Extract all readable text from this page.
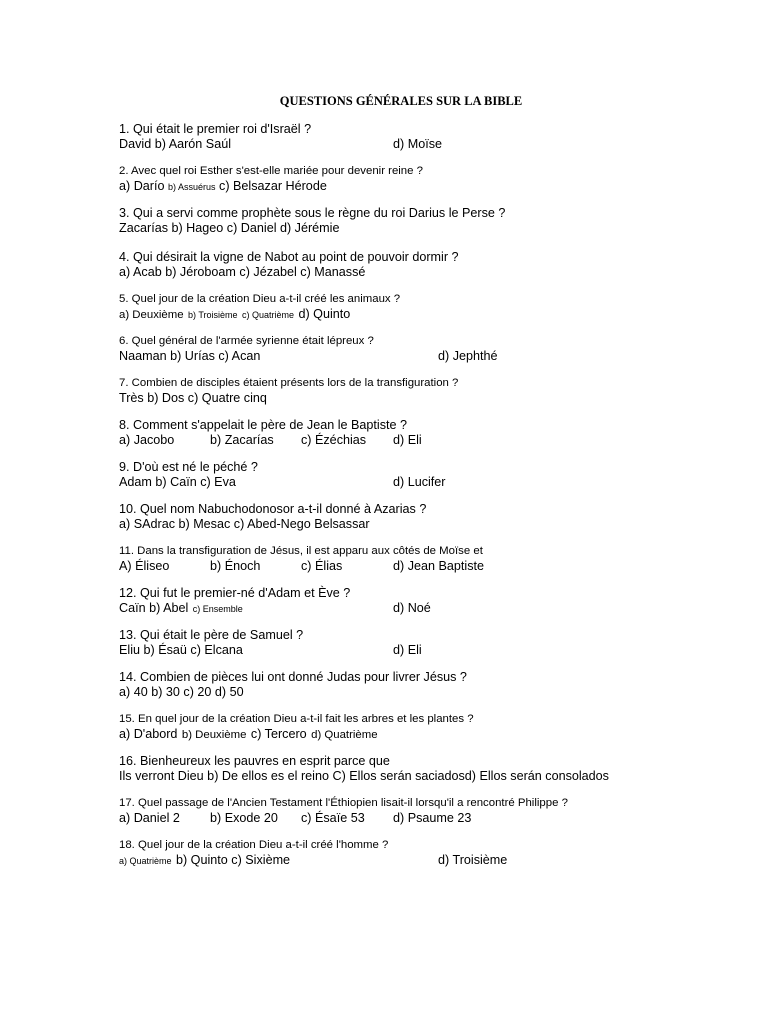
QUESTIONS GÉNÉRALES SUR LA BIBLE
1. Qui était le premier roi d'Israël ?
David b) Aarón Saúl	d) Moïse
2. Avec quel roi Esther s'est-elle mariée pour devenir reine ?
a) Darío b) Assuérus c) Belsazar Hérode
3. Qui a servi comme prophète sous le règne du roi Darius le Perse ?
Zacarías b) Hageo c) Daniel d) Jérémie
4. Qui désirait la vigne de Nabot au point de pouvoir dormir ?
a) Acab b) Jéroboam c) Jézabel c) Manassé
5. Quel jour de la création Dieu a-t-il créé les animaux ?
a) Deuxième b) Troisième c) Quatrième d) Quinto
6. Quel général de l'armée syrienne était lépreux ?
Naaman b) Urías c) Acan	d) Jephthé
7. Combien de disciples étaient présents lors de la transfiguration ?
Très b) Dos c) Quatre cinq
8. Comment s'appelait le père de Jean le Baptiste ?
a) Jacobo	b) Zacarías c) Ézéchias d) Eli
9. D'où est né le péché ?
Adam b) Caïn c) Eva	d) Lucifer
10. Quel nom Nabuchodonosor a-t-il donné à Azarias ?
a) SAdrac b) Mesac c) Abed-Nego Belsassar
11. Dans la transfiguration de Jésus, il est apparu aux côtés de Moïse et
A) Éliseo	b) Énoch	c) Élias	d) Jean Baptiste
12. Qui fut le premier-né d'Adam et Ève ?
Caïn b) Abel c) Ensemble	d) Noé
13. Qui était le père de Samuel ?
Eliu b) Ésaü c) Elcana	d) Eli
14. Combien de pièces lui ont donné Judas pour livrer Jésus ?
a) 40 b) 30 c) 20 d) 50
15. En quel jour de la création Dieu a-t-il fait les arbres et les plantes ?
a) D'abord b) Deuxième c) Tercero d) Quatrième
16. Bienheureux les pauvres en esprit parce que
Ils verront Dieu b) De ellos es el reino C) Ellos serán saciadosd) Ellos serán consolados
17. Quel passage de l'Ancien Testament l'Éthiopien lisait-il lorsqu'il a rencontré Philippe ?
a) Daniel 2 b) Exode 20 c) Ésaïe 53 d) Psaume 23
18. Quel jour de la création Dieu a-t-il créé l'homme ?
a) Quatrième b) Quinto c) Sixième	d) Troisième
